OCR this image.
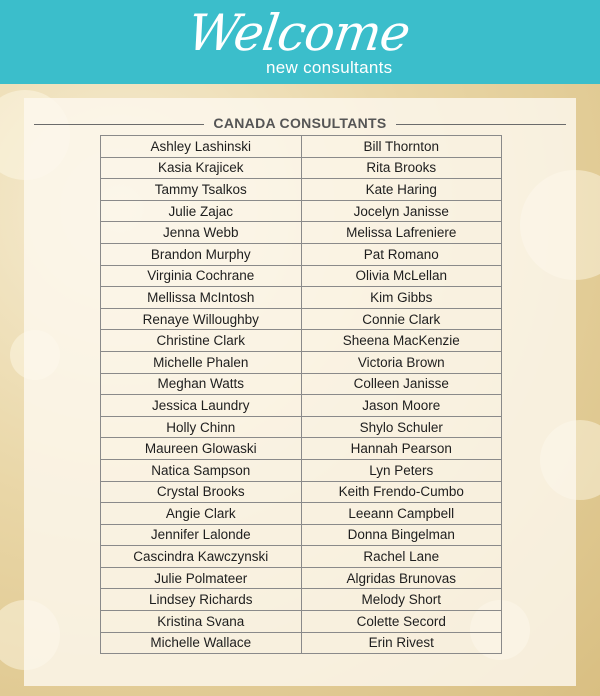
Welcome
new consultants
CANADA CONSULTANTS
Ashley Lashinski	Bill Thornton
Kasia Krajicek	Rita Brooks
Tammy Tsalkos	Kate Haring
Julie Zajac	Jocelyn Janisse
Jenna Webb	Melissa Lafreniere
Brandon Murphy	Pat Romano
Virginia Cochrane	Olivia McLellan
Mellissa McIntosh	Kim Gibbs
Renaye Willoughby	Connie Clark
Christine Clark	Sheena MacKenzie
Michelle Phalen	Victoria Brown
Meghan Watts	Colleen Janisse
Jessica Laundry	Jason Moore
Holly Chinn	Shylo Schuler
Maureen Glowaski	Hannah Pearson
Natica Sampson	Lyn Peters
Crystal Brooks	Keith Frendo-Cumbo
Angie Clark	Leeann Campbell
Jennifer Lalonde	Donna Bingelman
Cascindra Kawczynski	Rachel Lane
Julie Polmateer	Algridas Brunovas
Lindsey Richards	Melody Short
Kristina Svana	Colette Secord
Michelle Wallace	Erin Rivest
